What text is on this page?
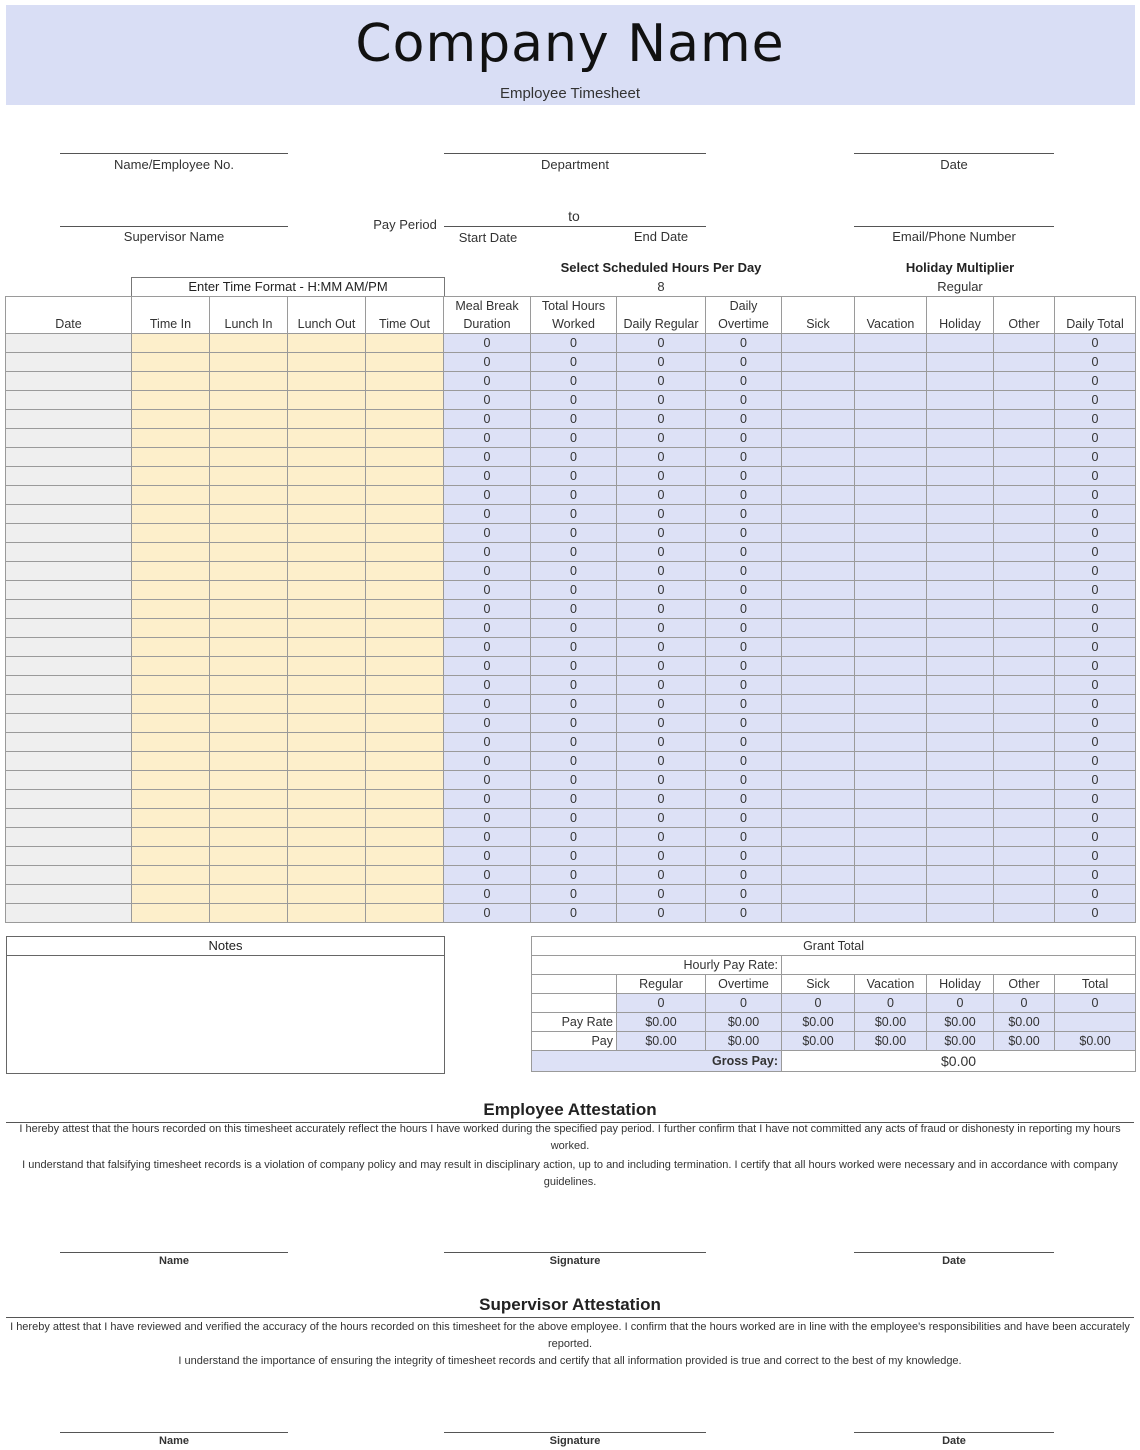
Company Name
Employee Timesheet
Name/Employee No.	Department	Date
Supervisor Name
Pay Period
to
Start Date	End Date	Email/Phone Number
Select Scheduled Hours Per Day
8
Holiday Multiplier
Regular
Enter Time Format - H:MM AM/PM
Date	Time In	Lunch In	Lunch Out	Time Out	Meal Break Duration	Total Hours Worked	Daily Regular	Daily Overtime	Sick	Vacation	Holiday	Other	Daily Total
					0	0	0	0					0
					0	0	0	0					0
					0	0	0	0					0
					0	0	0	0					0
					0	0	0	0					0
					0	0	0	0					0
					0	0	0	0					0
					0	0	0	0					0
					0	0	0	0					0
					0	0	0	0					0
					0	0	0	0					0
					0	0	0	0					0
					0	0	0	0					0
					0	0	0	0					0
					0	0	0	0					0
					0	0	0	0					0
					0	0	0	0					0
					0	0	0	0					0
					0	0	0	0					0
					0	0	0	0					0
					0	0	0	0					0
					0	0	0	0					0
					0	0	0	0					0
					0	0	0	0					0
					0	0	0	0					0
					0	0	0	0					0
					0	0	0	0					0
					0	0	0	0					0
					0	0	0	0					0
					0	0	0	0					0
					0	0	0	0					0
Notes	Grant Total							
Hourly Pay Rate:							
	Regular	Overtime	Sick	Vacation	Holiday	Other	Total
	0	0	0	0	0	0	0
Pay Rate	$0.00	$0.00	$0.00	$0.00	$0.00	$0.00	
Pay	$0.00	$0.00	$0.00	$0.00	$0.00	$0.00	$0.00
Gross Pay:			$0.00				
Employee Attestation
I hereby attest that the hours recorded on this timesheet accurately reflect the hours I have worked during the specified pay period. I further confirm that I have not committed any acts of fraud or dishonesty in reporting my hours worked.
I understand that falsifying timesheet records is a violation of company policy and may result in disciplinary action, up to and including termination. I certify that all hours worked were necessary and in accordance with company guidelines.
Name	Signature	Date
Supervisor Attestation
I hereby attest that I have reviewed and verified the accuracy of the hours recorded on this timesheet for the above employee. I confirm that the hours worked are in line with the employee's responsibilities and have been accurately reported.
I understand the importance of ensuring the integrity of timesheet records and certify that all information provided is true and correct to the best of my knowledge.
Name	Signature	Date
